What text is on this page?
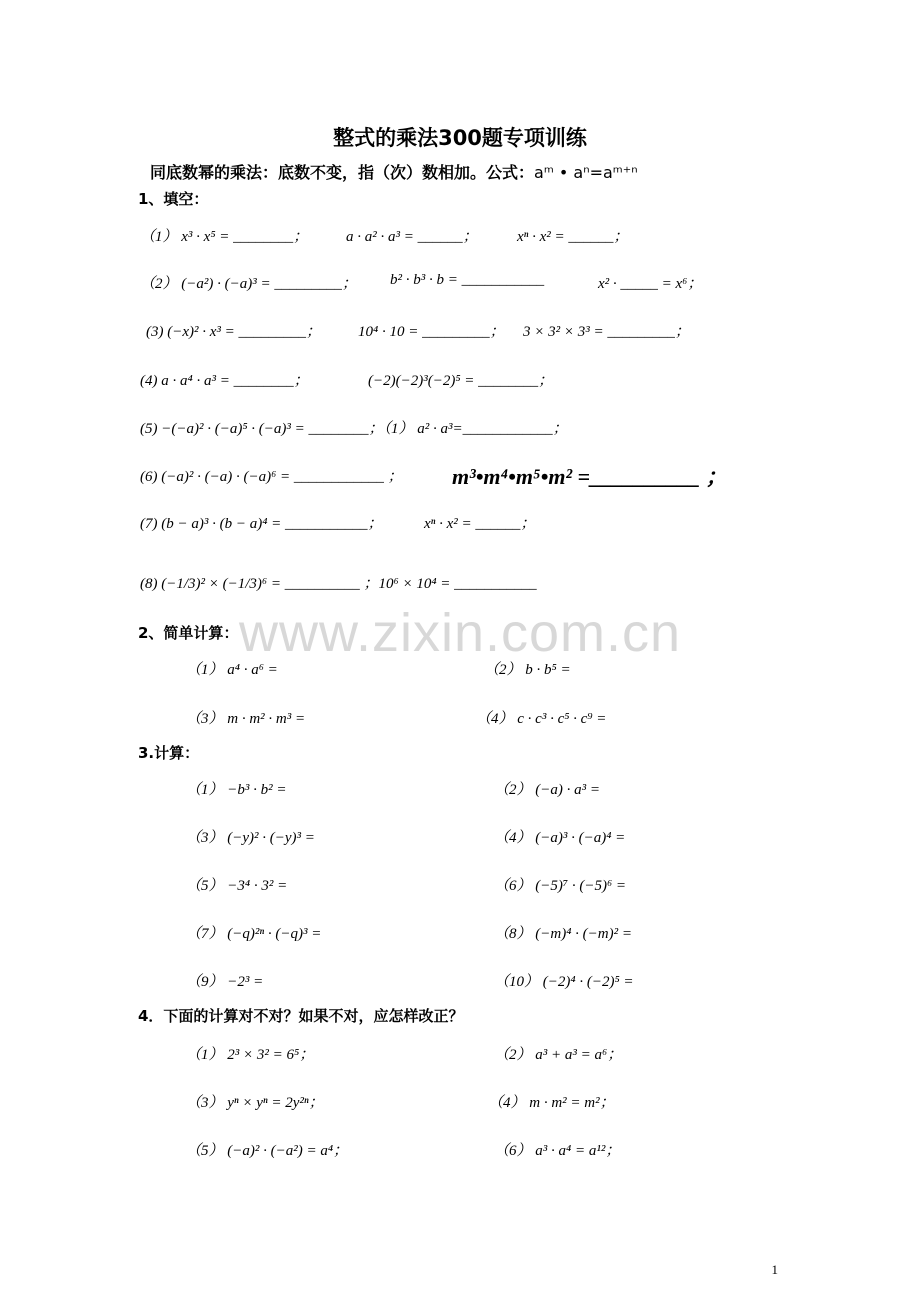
整式的乘法300题专项训练
同底数幂的乘法：底数不变，指（次）数相加。公式：aᵐ • aⁿ=aᵐ⁺ⁿ
1、填空：
（1） x³ · x⁵ = ________；	a · a² · a³ = ______；	xⁿ · x² = ______；
（2） (−a²) · (−a)³ = _________； b² · b³ · b = ___________	x² · _____ = x⁶；
(3) (−x)² · x³ = _________； 10⁴ · 10 = _________； 3 × 3² × 3³ = _________；
(4) a · a⁴ · a³ = ________；	(−2)(−2)³(−2)⁵ = ________；
(5) −(−a)² · (−a)⁵ · (−a)³ = ________；（1） a² · a³=____________；
(6) (−a)² · (−a) · (−a)⁶ = ____________ ； m³•m⁴•m⁵•m² =__________ ；
(7) (b − a)³ · (b − a)⁴ = ___________；	xⁿ · x² = ______；
(8) (−1/3)² × (−1/3)⁶ = __________ ；10⁶ × 10⁴ = ___________
www.zixin.com.cn
2、简单计算：
（1） a⁴ · a⁶ =	（2） b · b⁵ =
（3） m · m² · m³ =	（4） c · c³ · c⁵ · c⁹ =
3.计算：
（1） −b³ · b² =	（2） (−a) · a³ =
（3） (−y)² · (−y)³ =	（4） (−a)³ · (−a)⁴ =
（5） −3⁴ · 3² =	（6） (−5)⁷ · (−5)⁶ =
（7） (−q)²ⁿ · (−q)³ =	（8） (−m)⁴ · (−m)² =
（9） −2³ =	（10） (−2)⁴ · (−2)⁵ =
4．下面的计算对不对？如果不对，应怎样改正？
（1） 2³ × 3² = 6⁵；	（2） a³ + a³ = a⁶；
（3） yⁿ × yⁿ = 2y²ⁿ；	（4） m · m² = m²；
（5） (−a)² · (−a²) = a⁴；	（6） a³ · a⁴ = a¹²；
1
